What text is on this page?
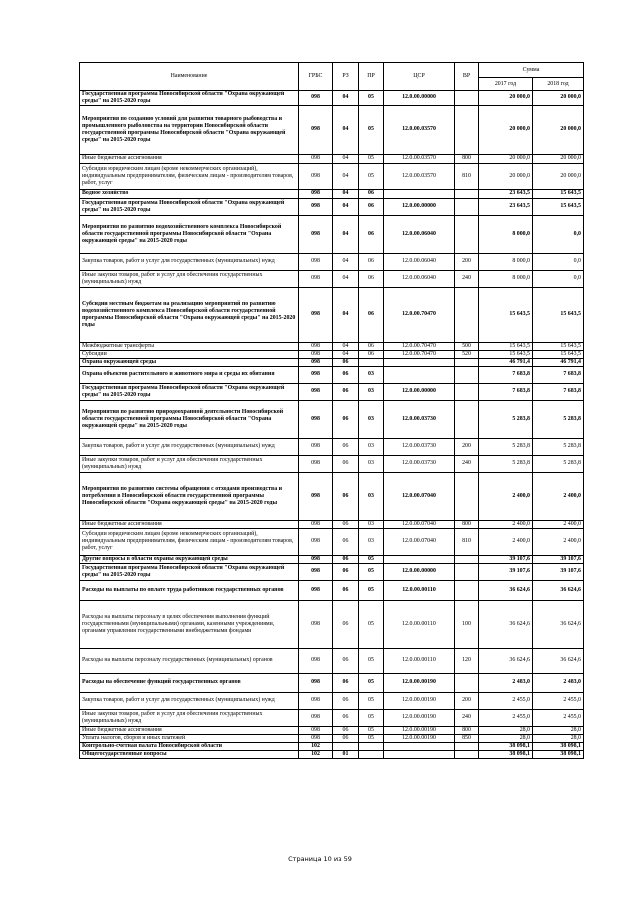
Наименование	ГРБС	РЗ	ПР	ЦСР	ВР	Сумма	
						2017 год	2018 год
Государственная программа Новосибирской области "Охрана окружающей среды" на 2015-2020 годы	098	04	05	12.0.00.00000		20 000,0	20 000,0
Мероприятия по созданию условий для развития товарного рыбоводства и промышленного рыболовства на территории Новосибирской области государственной программы Новосибирской области "Охрана окружающей среды" на 2015-2020 годы	098	04	05	12.0.00.03570		20 000,0	20 000,0
Иные бюджетные ассигнования	098	04	05	12.0.00.03570	800	20 000,0	20 000,0
Субсидии юридическим лицам (кроме некоммерческих организаций), индивидуальным предпринимателям, физическим лицам - производителям товаров, работ, услуг	098	04	05	12.0.00.03570	810	20 000,0	20 000,0
Водное хозяйство	098	04	06			23 643,5	15 643,5
Государственная программа Новосибирской области "Охрана окружающей среды" на 2015-2020 годы	098	04	06	12.0.00.00000		23 643,5	15 643,5
Мероприятия по развитию водохозяйственного комплекса Новосибирской области государственной программы Новосибирской области "Охрана окружающей среды" на 2015-2020 годы	098	04	06	12.0.00.06040		8 000,0	0,0
Закупка товаров, работ и услуг для государственных (муниципальных) нужд	098	04	06	12.0.00.06040	200	8 000,0	0,0
Иные закупки товаров, работ и услуг для обеспечения государственных (муниципальных) нужд	098	04	06	12.0.00.06040	240	8 000,0	0,0
Субсидии местным бюджетам на реализацию мероприятий по развитию водохозяйственного комплекса Новосибирской области государственной программы Новосибирской области "Охрана окружающей среды" на 2015-2020 годы	098	04	06	12.0.00.70470		15 643,5	15 643,5
Межбюджетные трансферты	098	04	06	12.0.00.70470	500	15 643,5	15 643,5
Субсидии	098	04	06	12.0.00.70470	520	15 643,5	15 643,5
Охрана окружающей среды	098	06				46 791,4	46 791,4
Охрана объектов растительного и животного мира и среды их обитания	098	06	03			7 683,8	7 683,8
Государственная программа Новосибирской области "Охрана окружающей среды" на 2015-2020 годы	098	06	03	12.0.00.00000		7 683,8	7 683,8
Мероприятия по развитию природоохранной деятельности Новосибирской области государственной программы Новосибирской области "Охрана окружающей среды" на 2015-2020 годы	098	06	03	12.0.00.03730		5 283,8	5 283,8
Закупка товаров, работ и услуг для государственных (муниципальных) нужд	098	06	03	12.0.00.03730	200	5 283,8	5 283,8
Иные закупки товаров, работ и услуг для обеспечения государственных (муниципальных) нужд	098	06	03	12.0.00.03730	240	5 283,8	5 283,8
Мероприятия по развитию системы обращения с отходами производства и потребления в Новосибирской области государственной программы Новосибирской области "Охрана окружающей среды" на 2015-2020 годы	098	06	03	12.0.00.07040		2 400,0	2 400,0
Иные бюджетные ассигнования	098	06	03	12.0.00.07040	800	2 400,0	2 400,0
Субсидии юридическим лицам (кроме некоммерческих организаций), индивидуальным предпринимателям, физическим лицам - производителям товаров, работ, услуг	098	06	03	12.0.00.07040	810	2 400,0	2 400,0
Другие вопросы в области охраны окружающей среды	098	06	05			39 107,6	39 107,6
Государственная программа Новосибирской области "Охрана окружающей среды" на 2015-2020 годы	098	06	05	12.0.00.00000		39 107,6	39 107,6
Расходы на выплаты по оплате труда работников государственных органов	098	06	05	12.0.00.00110		36 624,6	36 624,6
Расходы на выплаты персоналу в целях обеспечения выполнения функций государственными (муниципальными) органами, казенными учреждениями, органами управления государственными внебюджетными фондами	098	06	05	12.0.00.00110	100	36 624,6	36 624,6
Расходы на выплаты персоналу государственных (муниципальных) органов	098	06	05	12.0.00.00110	120	36 624,6	36 624,6
Расходы на обеспечение функций государственных органов	098	06	05	12.0.00.00190		2 483,0	2 483,0
Закупка товаров, работ и услуг для государственных (муниципальных) нужд	098	06	05	12.0.00.00190	200	2 455,0	2 455,0
Иные закупки товаров, работ и услуг для обеспечения государственных (муниципальных) нужд	098	06	05	12.0.00.00190	240	2 455,0	2 455,0
Иные бюджетные ассигнования	098	06	05	12.0.00.00190	800	28,0	28,0
Уплата налогов, сборов и иных платежей	098	06	05	12.0.00.00190	850	28,0	28,0
Контрольно-счетная палата Новосибирской области	102					38 098,1	38 098,1
Общегосударственные вопросы	102	01				38 098,1	38 098,1
Страница 10 из 59
